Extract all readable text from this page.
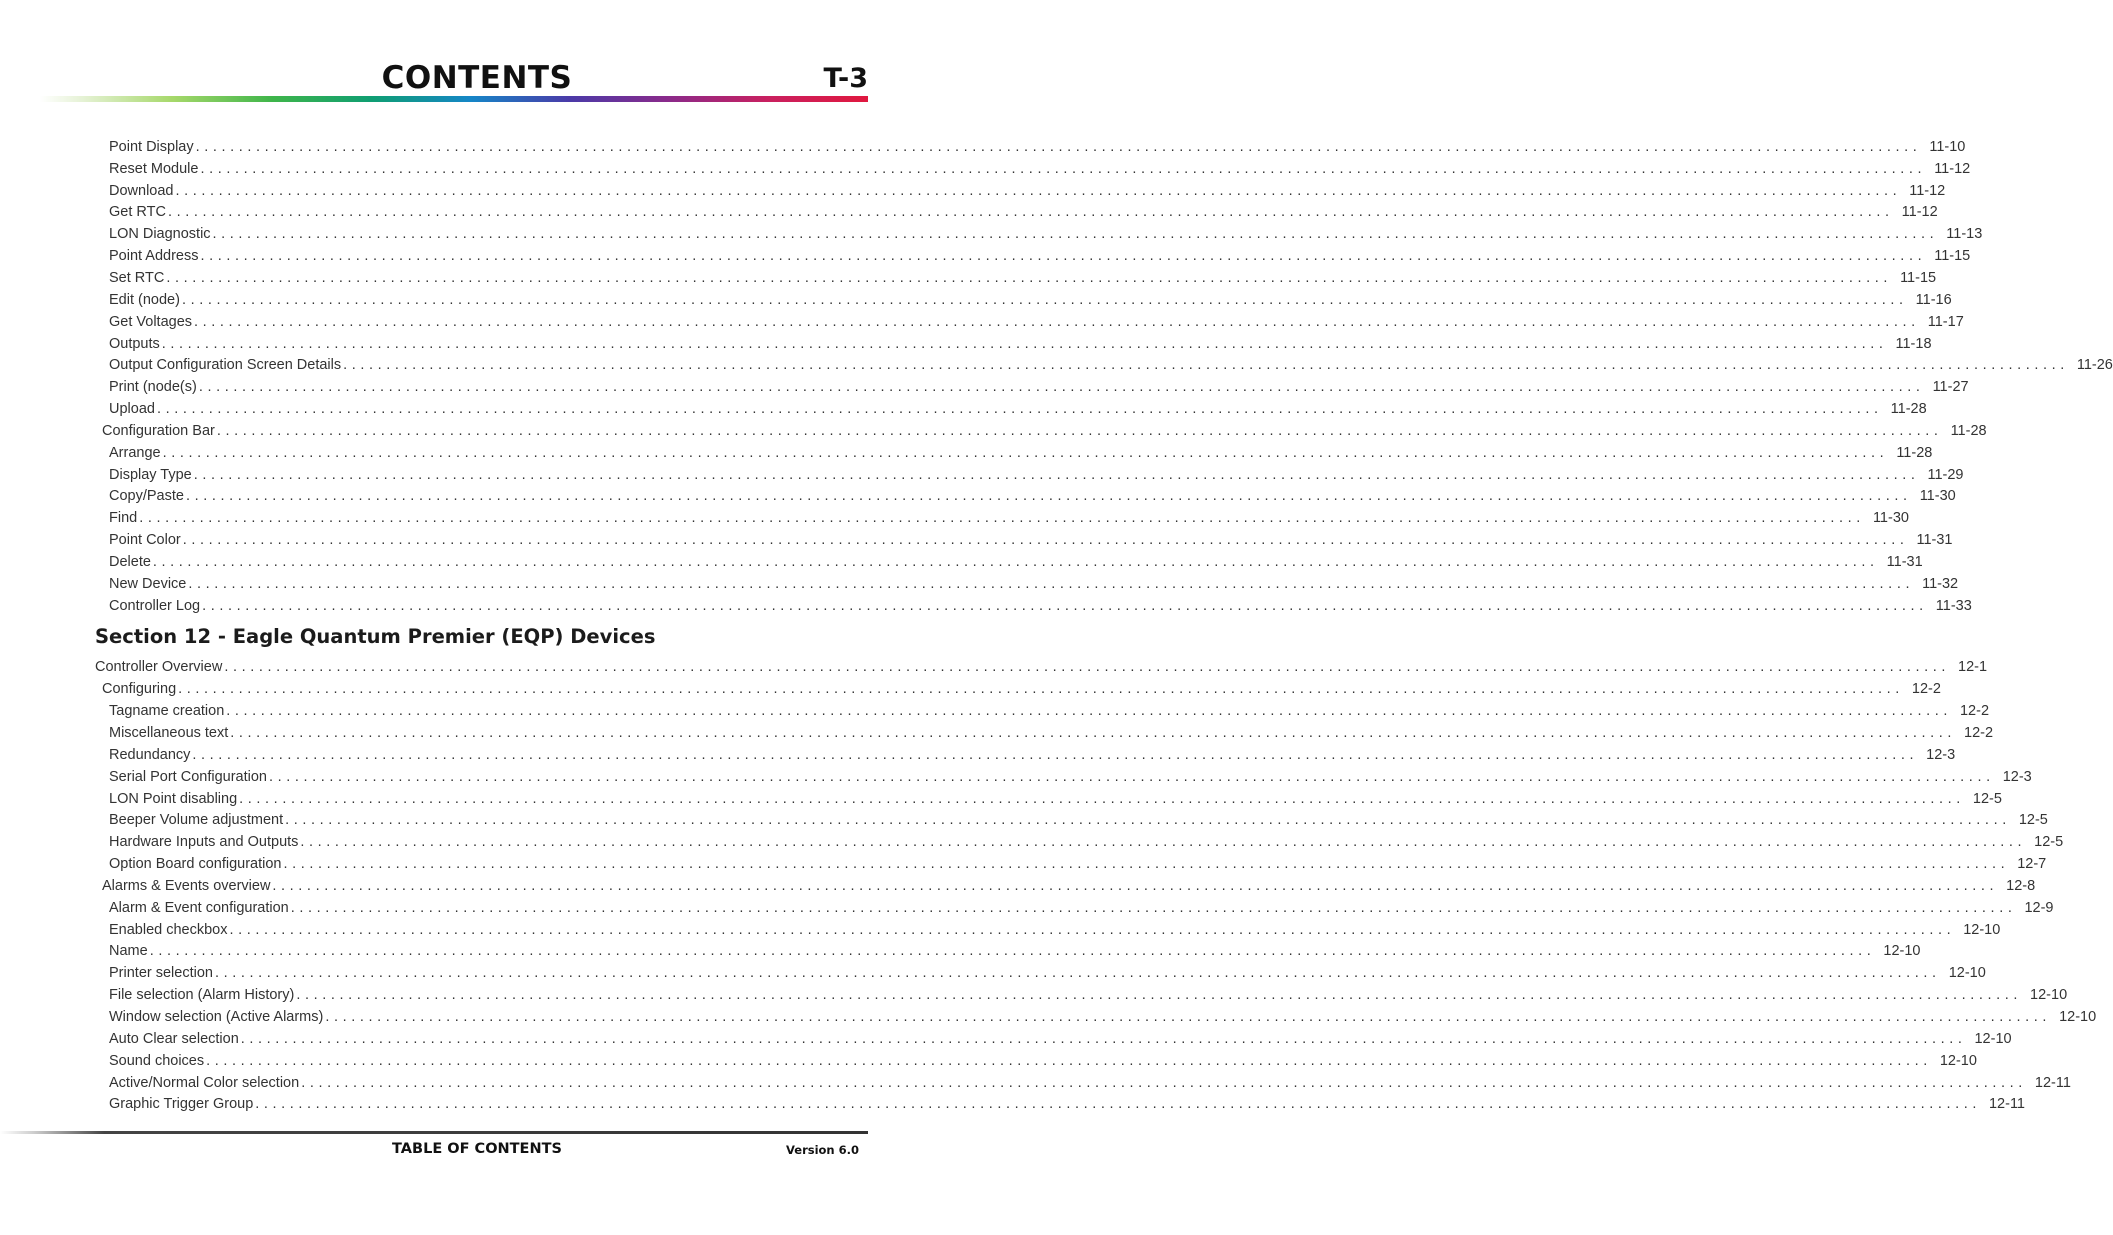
CONTENTS	T-3
Point Display ........................................................................................................................................................................................................ 11-10
Reset Module ........................................................................................................................................................................................................ 11-12
Download ........................................................................................................................................................................................................ 11-12
Get RTC ........................................................................................................................................................................................................ 11-12
LON Diagnostic ........................................................................................................................................................................................................ 11-13
Point Address ........................................................................................................................................................................................................ 11-15
Set RTC ........................................................................................................................................................................................................ 11-15
Edit (node) ........................................................................................................................................................................................................ 11-16
Get Voltages ........................................................................................................................................................................................................ 11-17
Outputs ........................................................................................................................................................................................................ 11-18
Output Configuration Screen Details ........................................................................................................................................................................................................ 11-26
Print (node(s) ........................................................................................................................................................................................................ 11-27
Upload ........................................................................................................................................................................................................ 11-28
Configuration Bar ........................................................................................................................................................................................................ 11-28
Arrange ........................................................................................................................................................................................................ 11-28
Display Type ........................................................................................................................................................................................................ 11-29
Copy/Paste ........................................................................................................................................................................................................ 11-30
Find ........................................................................................................................................................................................................ 11-30
Point Color ........................................................................................................................................................................................................ 11-31
Delete ........................................................................................................................................................................................................ 11-31
New Device ........................................................................................................................................................................................................ 11-32
Controller Log ........................................................................................................................................................................................................ 11-33
Section 12 - Eagle Quantum Premier (EQP) Devices
Controller Overview ........................................................................................................................................................................................................ 12-1
Configuring ........................................................................................................................................................................................................ 12-2
Tagname creation ........................................................................................................................................................................................................ 12-2
Miscellaneous text ........................................................................................................................................................................................................ 12-2
Redundancy ........................................................................................................................................................................................................ 12-3
Serial Port Configuration ........................................................................................................................................................................................................ 12-3
LON Point disabling ........................................................................................................................................................................................................ 12-5
Beeper Volume adjustment ........................................................................................................................................................................................................ 12-5
Hardware Inputs and Outputs ........................................................................................................................................................................................................ 12-5
Option Board configuration ........................................................................................................................................................................................................ 12-7
Alarms & Events overview ........................................................................................................................................................................................................ 12-8
Alarm & Event configuration ........................................................................................................................................................................................................ 12-9
Enabled checkbox ........................................................................................................................................................................................................ 12-10
Name ........................................................................................................................................................................................................ 12-10
Printer selection ........................................................................................................................................................................................................ 12-10
File selection (Alarm History) ........................................................................................................................................................................................................ 12-10
Window selection (Active Alarms) ........................................................................................................................................................................................................ 12-10
Auto Clear selection ........................................................................................................................................................................................................ 12-10
Sound choices ........................................................................................................................................................................................................ 12-10
Active/Normal Color selection ........................................................................................................................................................................................................ 12-11
Graphic Trigger Group ........................................................................................................................................................................................................ 12-11
TABLE OF CONTENTS	Version 6.0
